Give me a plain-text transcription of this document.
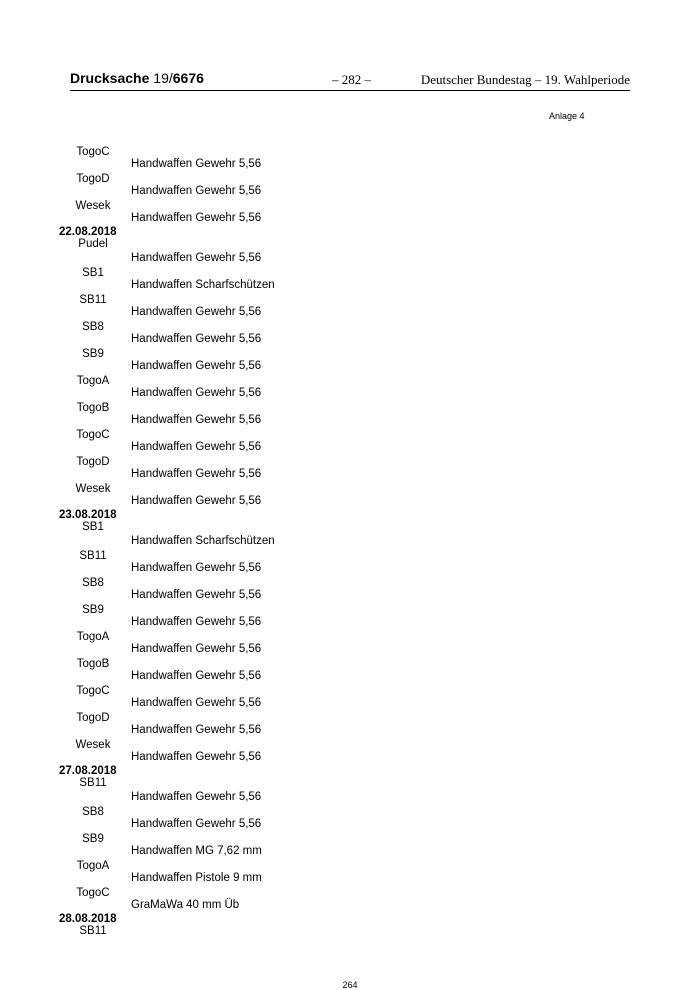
Drucksache 19/6676	– 282 –	Deutscher Bundestag – 19. Wahlperiode
Anlage 4
TogoC
Handwaffen Gewehr 5,56
TogoD
Handwaffen Gewehr 5,56
Wesek
Handwaffen Gewehr 5,56
22.08.2018
Pudel
Handwaffen Gewehr 5,56
SB1
Handwaffen Scharfschützen
SB11
Handwaffen Gewehr 5,56
SB8
Handwaffen Gewehr 5,56
SB9
Handwaffen Gewehr 5,56
TogoA
Handwaffen Gewehr 5,56
TogoB
Handwaffen Gewehr 5,56
TogoC
Handwaffen Gewehr 5,56
TogoD
Handwaffen Gewehr 5,56
Wesek
Handwaffen Gewehr 5,56
23.08.2018
SB1
Handwaffen Scharfschützen
SB11
Handwaffen Gewehr 5,56
SB8
Handwaffen Gewehr 5,56
SB9
Handwaffen Gewehr 5,56
TogoA
Handwaffen Gewehr 5,56
TogoB
Handwaffen Gewehr 5,56
TogoC
Handwaffen Gewehr 5,56
TogoD
Handwaffen Gewehr 5,56
Wesek
Handwaffen Gewehr 5,56
27.08.2018
SB11
Handwaffen Gewehr 5,56
SB8
Handwaffen Gewehr 5,56
SB9
Handwaffen MG 7,62 mm
TogoA
Handwaffen Pistole 9 mm
TogoC
GraMaWa 40 mm Üb
28.08.2018
SB11
264
